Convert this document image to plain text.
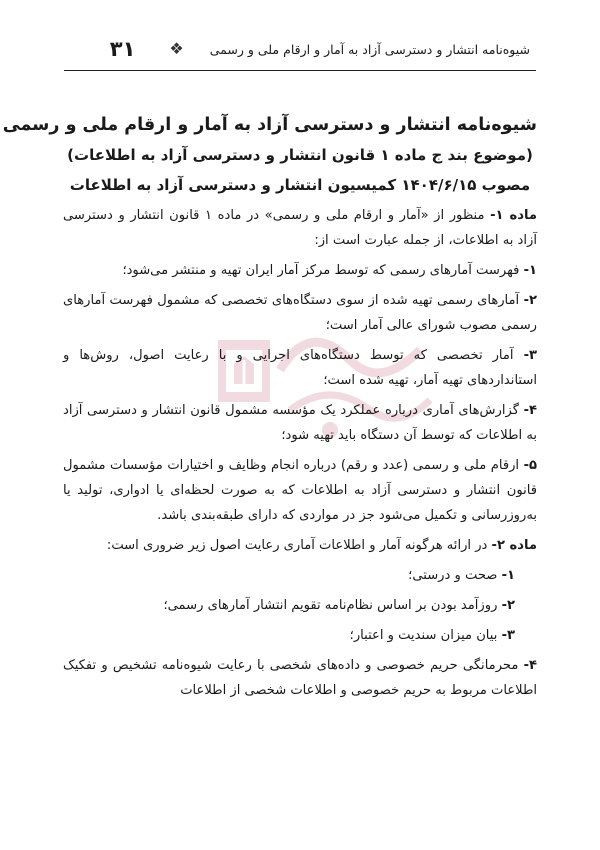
شیوه‌نامه انتشار و دسترسی آزاد به آمار و ارقام ملی و رسمی
❖
۳۱
شیوه‌نامه انتشار و دسترسی آزاد به آمار و ارقام ملی و رسمی
(موضوع بند ج ماده ۱ قانون انتشار و دسترسی آزاد به اطلاعات)
مصوب ۱۴۰۴/۶/۱۵ کمیسیون انتشار و دسترسی آزاد به اطلاعات

ماده ۱- منظور از «آمار و ارقام ملی و رسمی» در ماده ۱ قانون انتشار و دسترسی آزاد به اطلاعات، از جمله عبارت است از:

۱- فهرست آمارهای رسمی که توسط مرکز آمار ایران تهیه و منتشر می‌شود؛

۲- آمارهای رسمی تهیه شده از سوی دستگاه‌های تخصصی که مشمول فهرست آمارهای رسمی مصوب شورای عالی آمار است؛

۳- آمار تخصصی که توسط دستگاه‌های اجرایی و با رعایت اصول، روش‌ها و استانداردهای تهیه آمار، تهیه شده است؛

۴- گزارش‌های آماری درباره عملکرد یک مؤسسه مشمول قانون انتشار و دسترسی آزاد به اطلاعات که توسط آن دستگاه باید تهیه شود؛

۵- ارقام ملی و رسمی (عدد و رقم) درباره انجام وظایف و اختیارات مؤسسات مشمول قانون انتشار و دسترسی آزاد به اطلاعات که به صورت لحظه‌ای یا ادواری، تولید یا به‌روزرسانی و تکمیل می‌شود جز در مواردی که دارای طبقه‌بندی باشد.

ماده ۲- در ارائه هرگونه آمار و اطلاعات آماری رعایت اصول زیر ضروری است:

۱- صحت و درستی؛

۲- روزآمد بودن بر اساس نظام‌نامه تقویم انتشار آمارهای رسمی؛

۳- بیان میزان سندیت و اعتبار؛

۴- محرمانگی حریم خصوصی و داده‌های شخصی با رعایت شیوه‌نامه تشخیص و تفکیک اطلاعات مربوط به حریم خصوصی و اطلاعات شخصی از اطلاعات
